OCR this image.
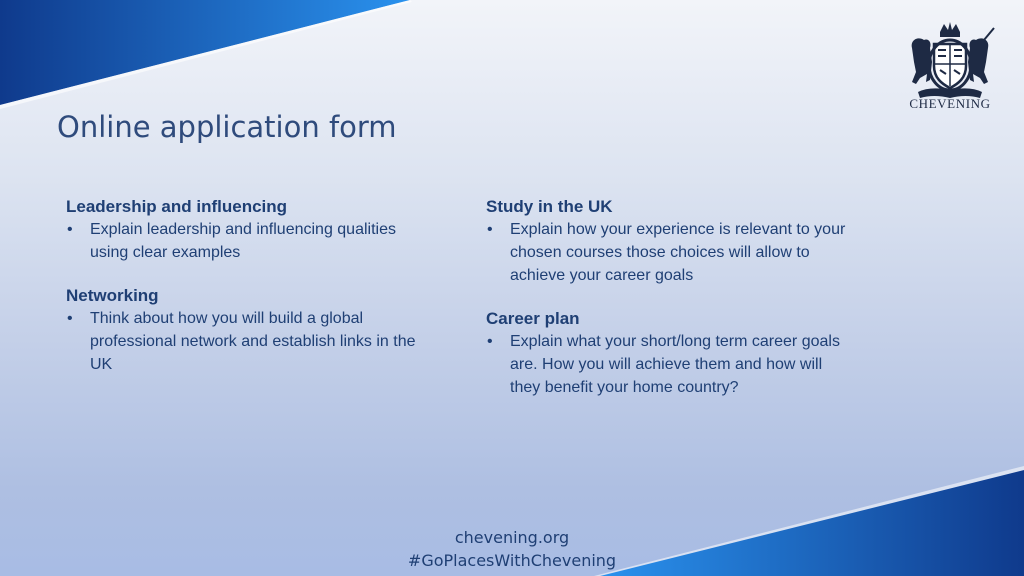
CHEVENING
Online application form
Leadership and influencing
• Explain leadership and influencing qualities using clear examples
Networking
• Think about how you will build a global professional network and establish links in the UK
Study in the UK
• Explain how your experience is relevant to your chosen courses those choices will allow to achieve your career goals
Career plan
• Explain what your short/long term career goals are. How you will achieve them and how will they benefit your home country?
chevening.org
#GoPlacesWithChevening
